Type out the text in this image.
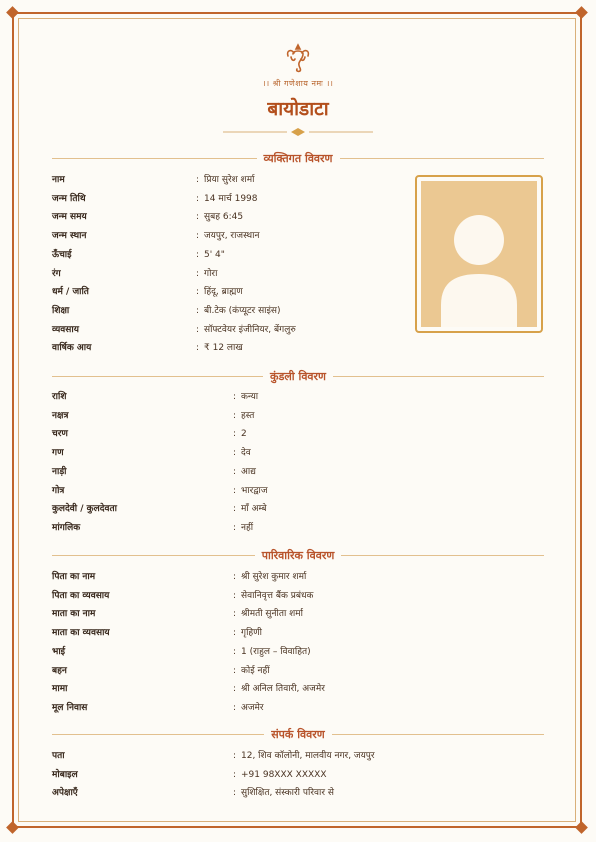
।। श्री गणेशाय नमः ।।
बायोडाटा
व्यक्तिगत विवरण
कुंडली विवरण
पारिवारिक विवरण
संपर्क विवरण
नाम	: प्रिया सुरेश शर्मा
जन्म तिथि	: 14 मार्च 1998
जन्म समय	: सुबह 6:45
जन्म स्थान	: जयपुर, राजस्थान
ऊँचाई	: 5' 4"
रंग	: गोरा
धर्म / जाति	: हिंदू, ब्राह्मण
शिक्षा	: बी.टेक (कंप्यूटर साइंस)
व्यवसाय	: सॉफ्टवेयर इंजीनियर, बेंगलुरु
वार्षिक आय	: ₹ 12 लाख
राशि	: कन्या
नक्षत्र	: हस्त
चरण	: 2
गण	: देव
नाड़ी	: आद्य
गोत्र	: भारद्वाज
कुलदेवी / कुलदेवता	: माँ अम्बे
मांगलिक	: नहीं
पिता का नाम	: श्री सुरेश कुमार शर्मा
पिता का व्यवसाय	: सेवानिवृत्त बैंक प्रबंधक
माता का नाम	: श्रीमती सुनीता शर्मा
माता का व्यवसाय	: गृहिणी
भाई	: 1 (राहुल – विवाहित)
बहन	: कोई नहीं
मामा	: श्री अनिल तिवारी, अजमेर
मूल निवास	: अजमेर
पता	: 12, शिव कॉलोनी, मालवीय नगर, जयपुर
मोबाइल	: +91 98XXX XXXXX
अपेक्षाएँ	: सुशिक्षित, संस्कारी परिवार से
